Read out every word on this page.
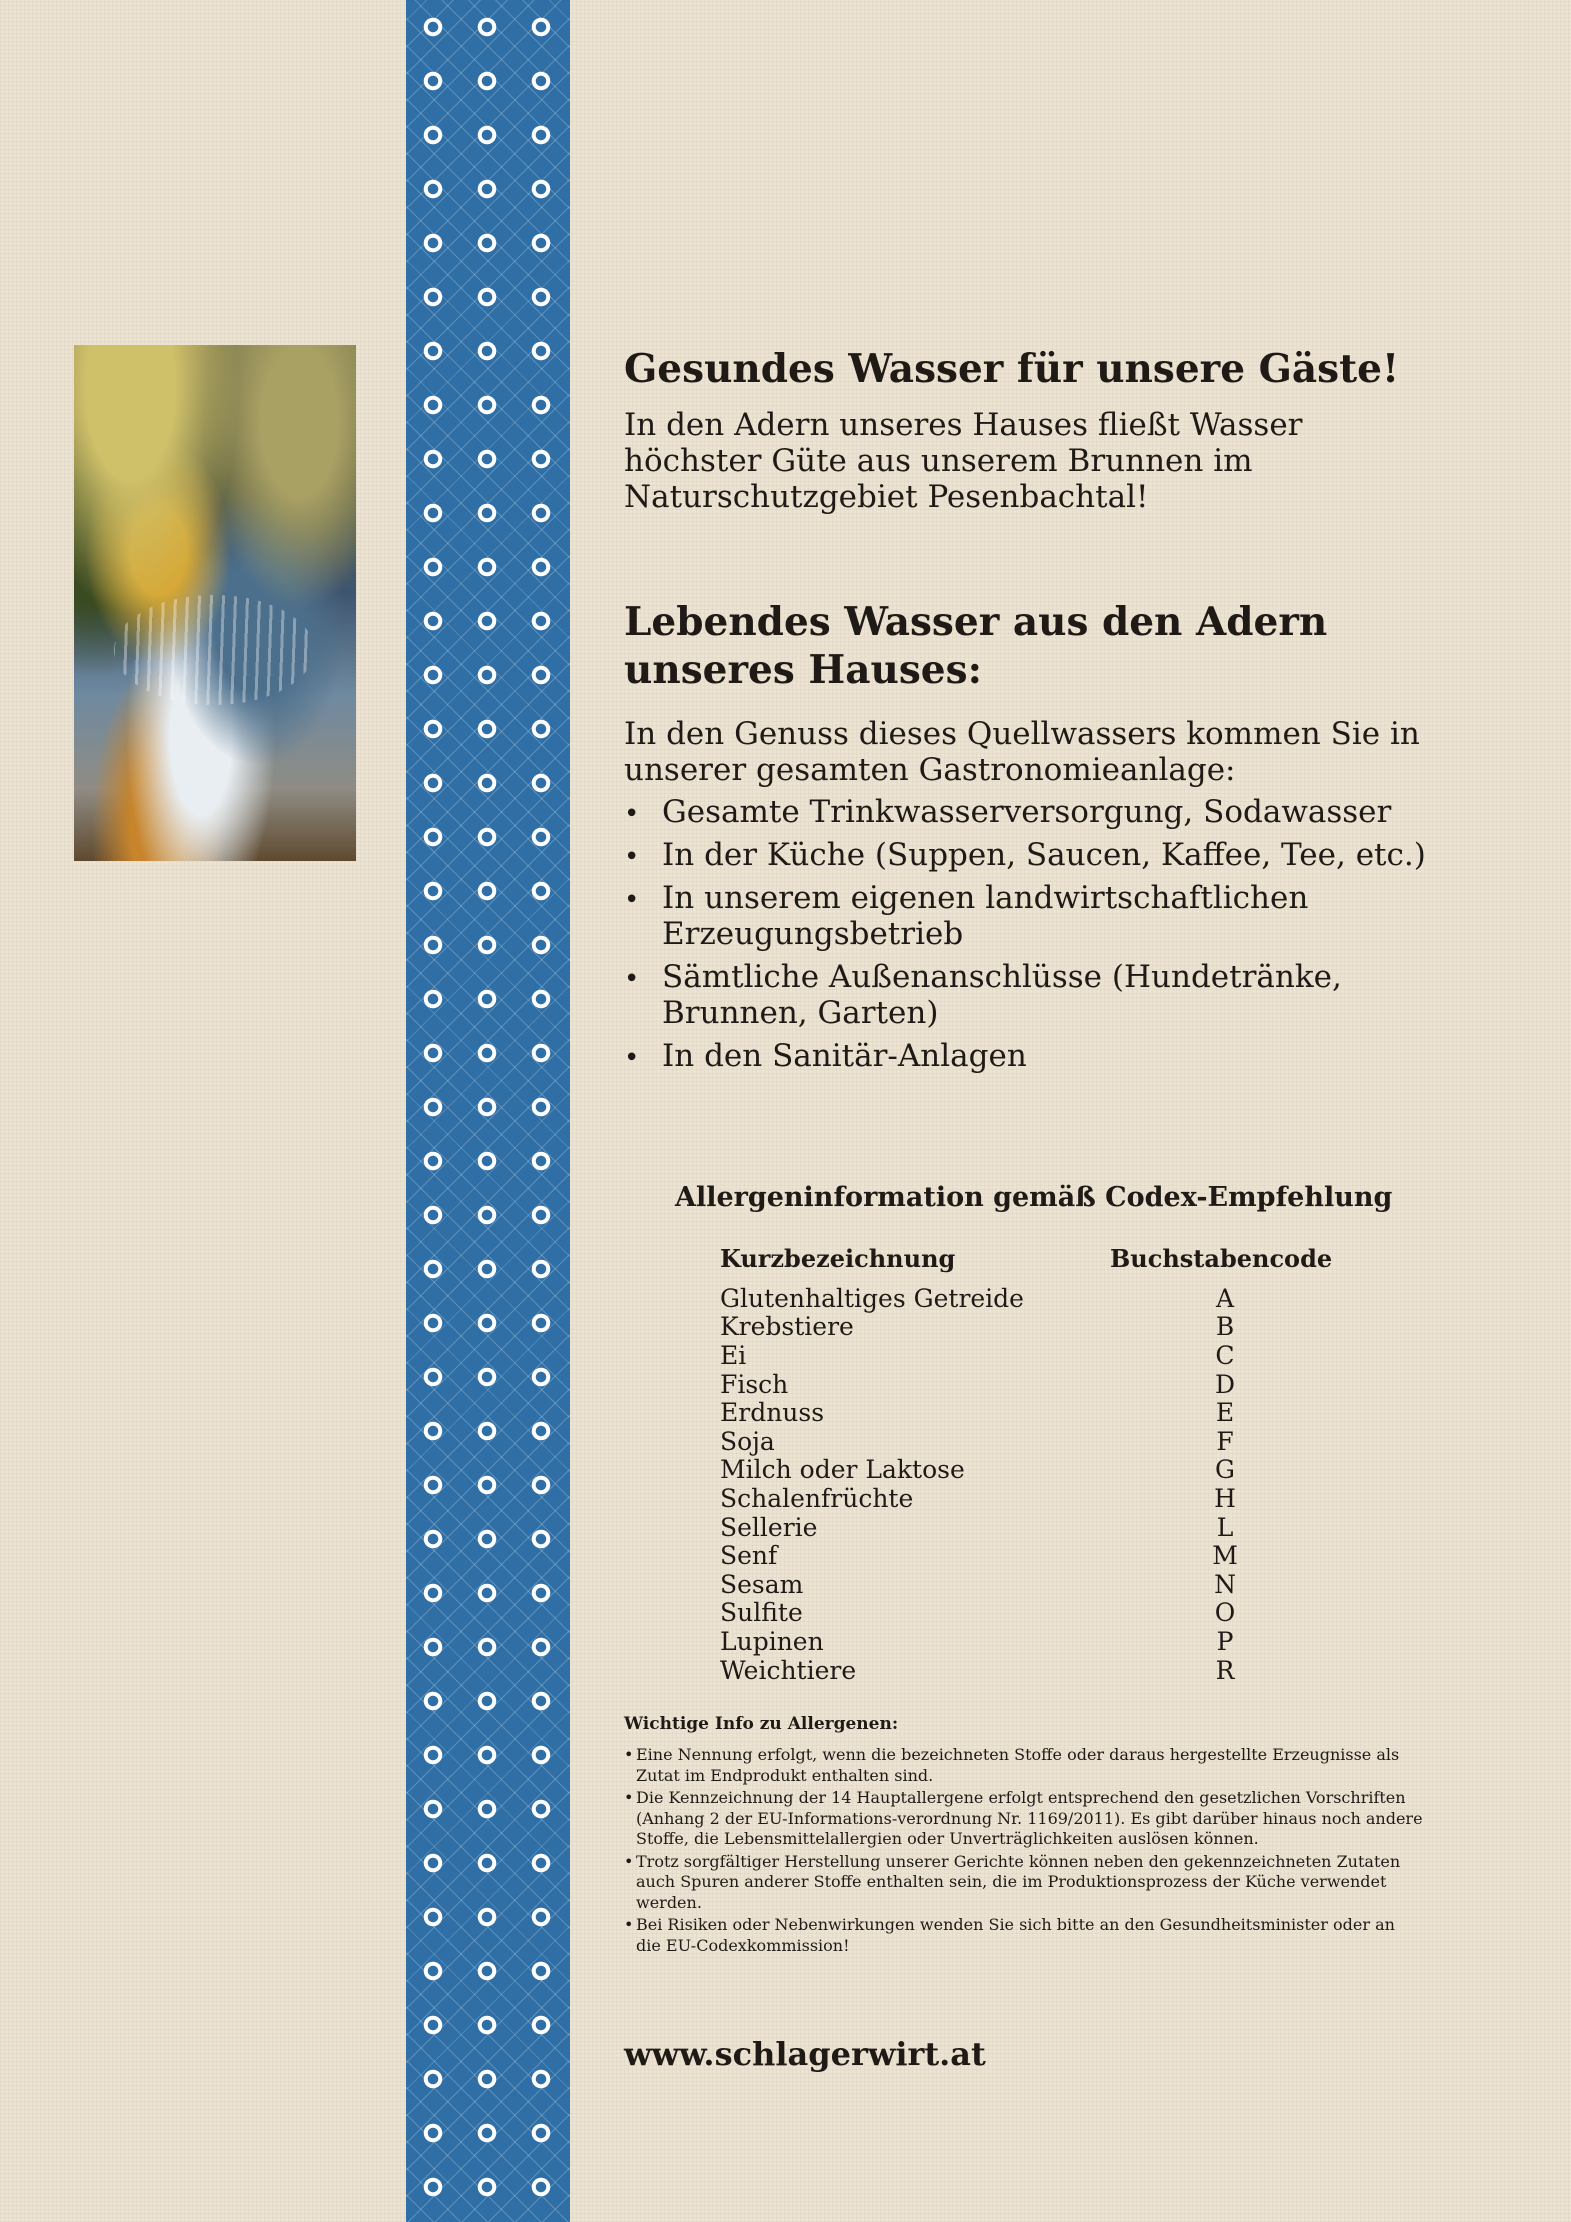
Gesundes Wasser für unsere Gäste!

In den Adern unseres Hauses fließt Wasser höchster Güte aus unserem Brunnen im Naturschutzgebiet Pesenbachtal!

Lebendes Wasser aus den Adern
unseres Hauses:

In den Genuss dieses Quellwassers kommen Sie in unserer gesamten Gastronomieanlage:

• Gesamte Trinkwasserversorgung, Sodawasser
• In der Küche (Suppen, Saucen, Kaffee, Tee, etc.)
• In unserem eigenen landwirtschaftlichen Erzeugungsbetrieb
• Sämtliche Außenanschlüsse (Hundetränke, Brunnen, Garten)
• In den Sanitär-Anlagen
Allergeninformation gemäß Codex-Empfehlung
Kurzbezeichnung	Buchstabencode
Glutenhaltiges Getreide	A
Krebstiere	B
Ei	C
Fisch	D
Erdnuss	E
Soja	F
Milch oder Laktose	G
Schalenfrüchte	H
Sellerie	L
Senf	M
Sesam	N
Sulfite	O
Lupinen	P
Weichtiere	R
Wichtige Info zu Allergenen:
• Eine Nennung erfolgt, wenn die bezeichneten Stoffe oder daraus hergestellte Erzeugnisse als Zutat im Endprodukt enthalten sind.
• Die Kennzeichnung der 14 Hauptallergene erfolgt entsprechend den gesetzlichen Vorschriften (Anhang 2 der EU-Informations-verordnung Nr. 1169/2011). Es gibt darüber hinaus noch andere Stoffe, die Lebensmittelallergien oder Unverträglichkeiten auslösen können.
• Trotz sorgfältiger Herstellung unserer Gerichte können neben den gekennzeichneten Zutaten auch Spuren anderer Stoffe enthalten sein, die im Produktionsprozess der Küche verwendet werden.
• Bei Risiken oder Nebenwirkungen wenden Sie sich bitte an den Gesundheitsminister oder an die EU-Codexkommission!
www.schlagerwirt.at
